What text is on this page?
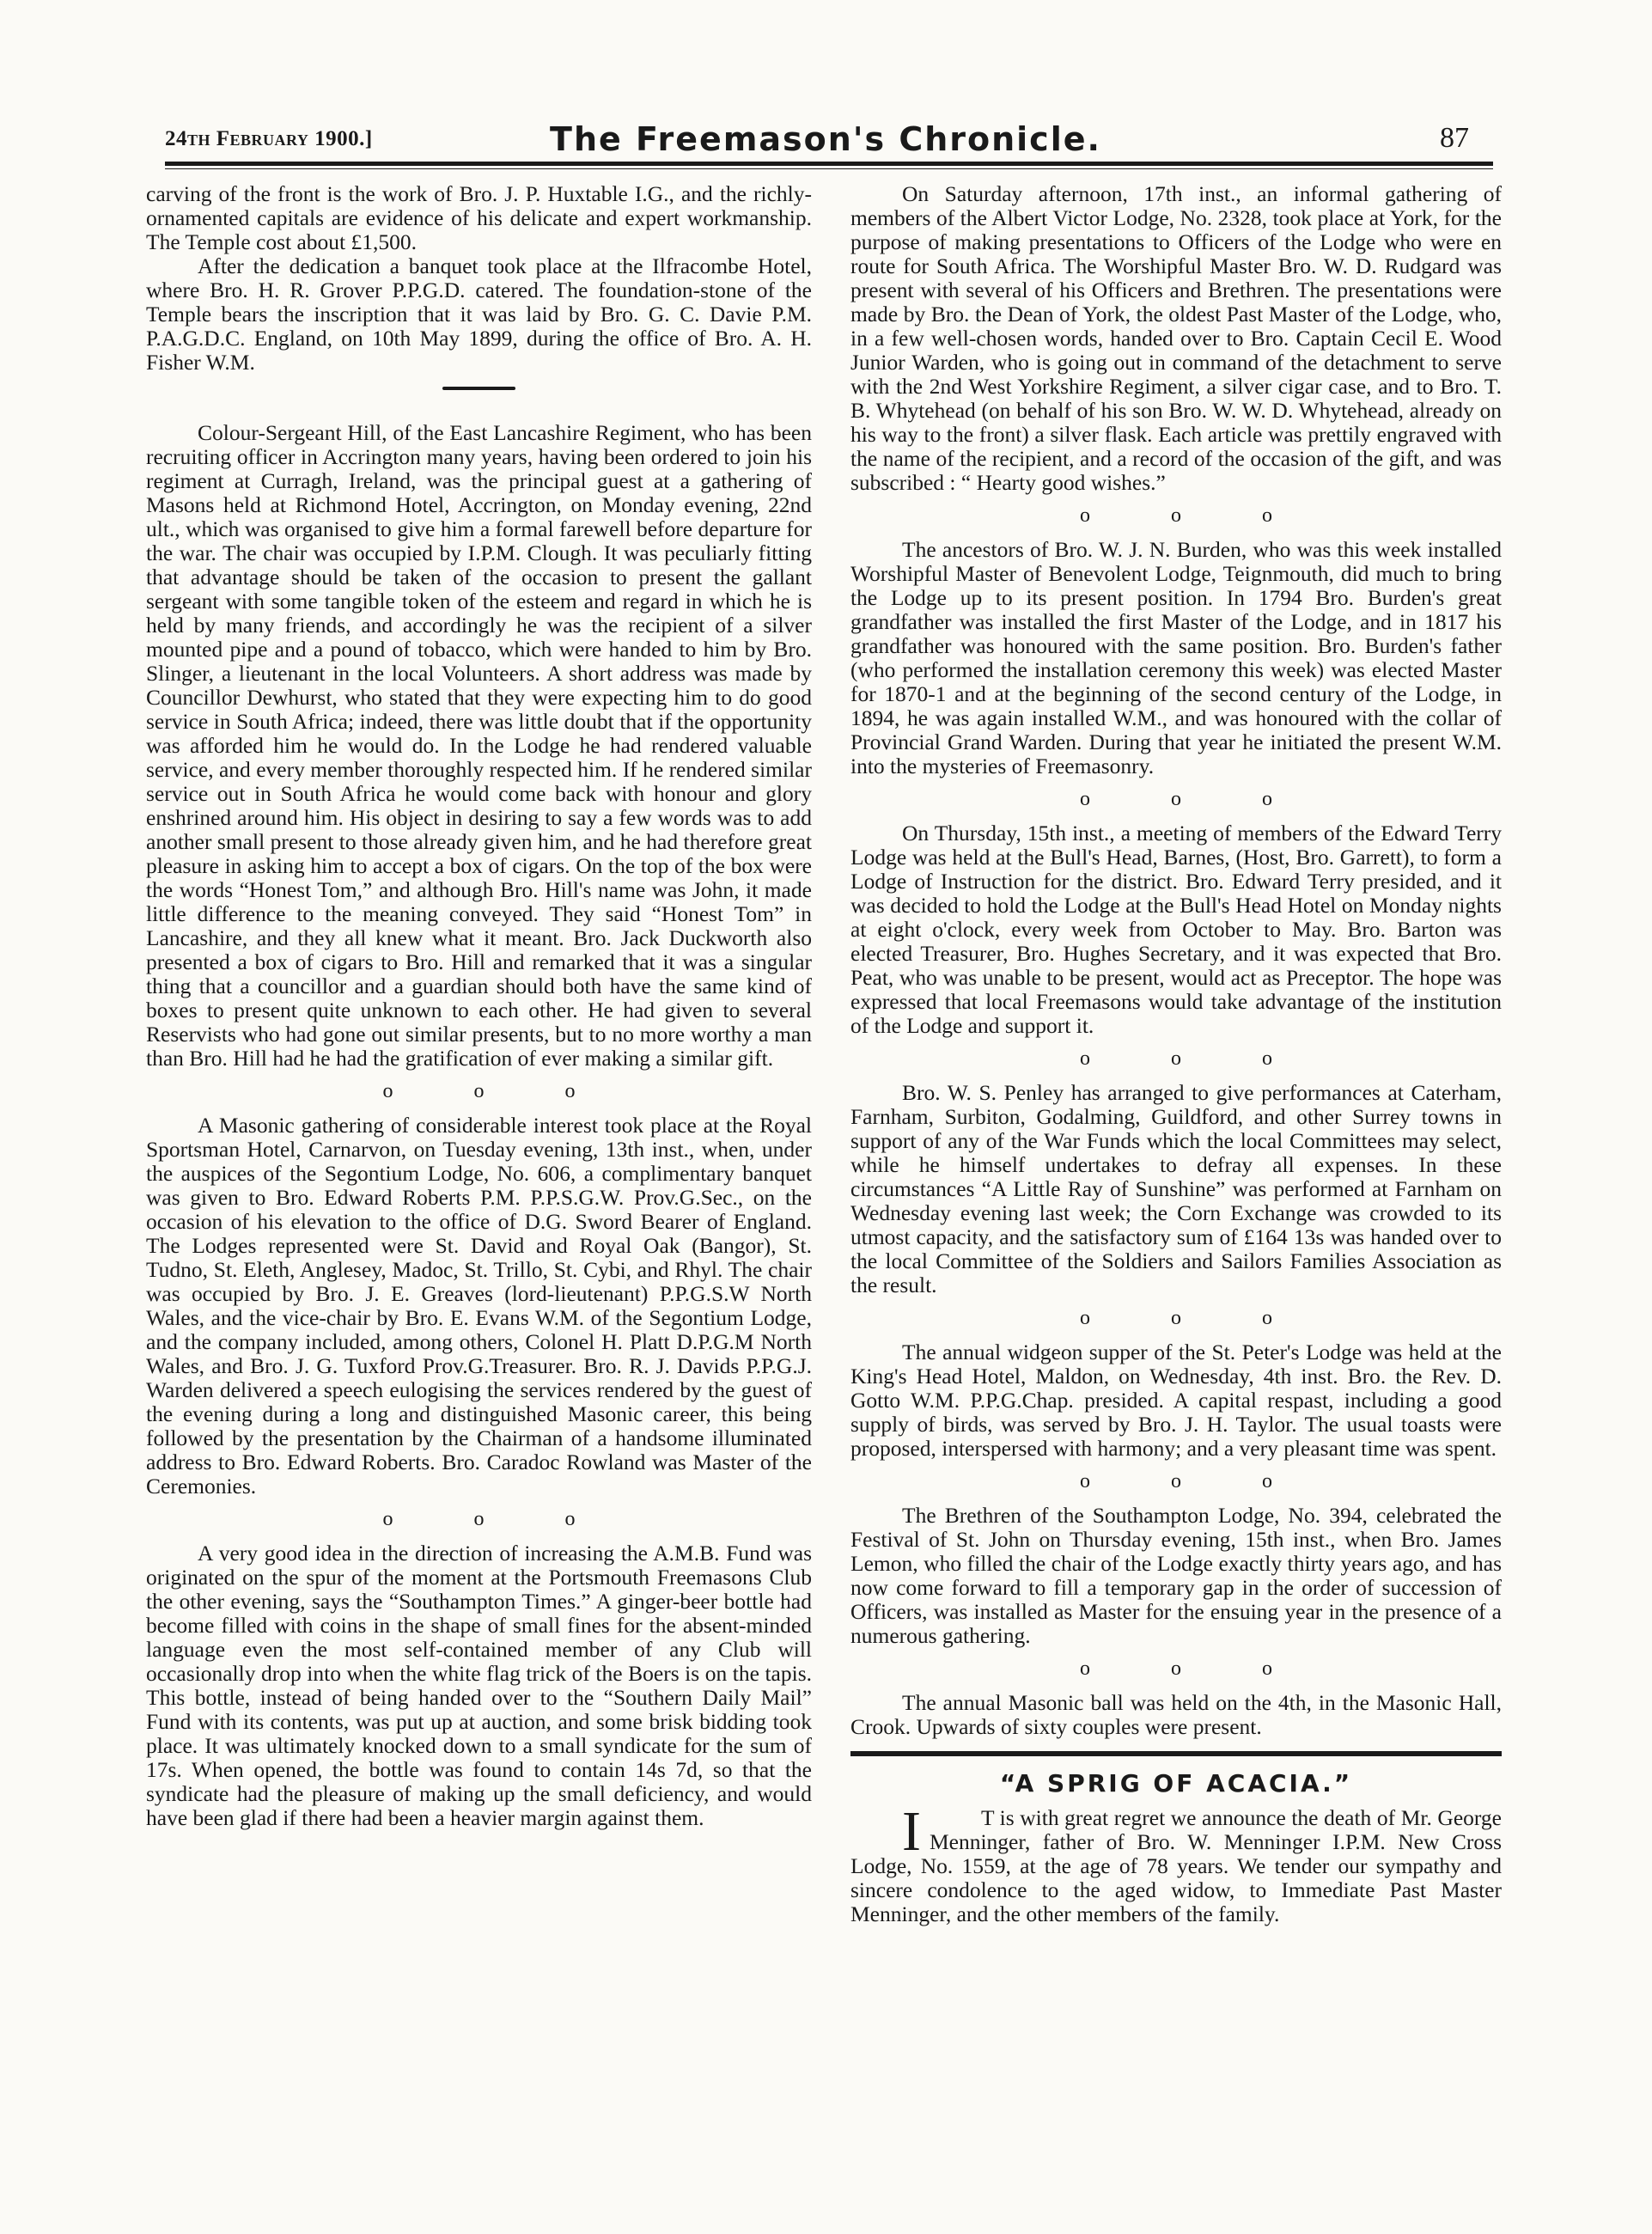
24th February 1900.]	The Freemason's Chronicle.	87

carving of the front is the work of Bro. J. P. Huxtable I.G., and the richly-ornamented capitals are evidence of his delicate and expert workmanship. The Temple cost about £1,500.

After the dedication a banquet took place at the Ilfracombe Hotel, where Bro. H. R. Grover P.P.G.D. catered. The foundation-stone of the Temple bears the inscription that it was laid by Bro. G. C. Davie P.M. P.A.G.D.C. England, on 10th May 1899, during the office of Bro. A. H. Fisher W.M.

Colour-Sergeant Hill, of the East Lancashire Regiment, who has been recruiting officer in Accrington many years, having been ordered to join his regiment at Curragh, Ireland, was the principal guest at a gathering of Masons held at Richmond Hotel, Accrington, on Monday evening, 22nd ult., which was organised to give him a formal farewell before departure for the war. The chair was occupied by I.P.M. Clough. It was peculiarly fitting that advantage should be taken of the occasion to present the gallant sergeant with some tangible token of the esteem and regard in which he is held by many friends, and accordingly he was the recipient of a silver mounted pipe and a pound of tobacco, which were handed to him by Bro. Slinger, a lieutenant in the local Volunteers. A short address was made by Councillor Dewhurst, who stated that they were expecting him to do good service in South Africa; indeed, there was little doubt that if the opportunity was afforded him he would do. In the Lodge he had rendered valuable service, and every member thoroughly respected him. If he rendered similar service out in South Africa he would come back with honour and glory enshrined around him. His object in desiring to say a few words was to add another small present to those already given him, and he had therefore great pleasure in asking him to accept a box of cigars. On the top of the box were the words “Honest Tom,” and although Bro. Hill's name was John, it made little difference to the meaning conveyed. They said “Honest Tom” in Lancashire, and they all knew what it meant. Bro. Jack Duckworth also presented a box of cigars to Bro. Hill and remarked that it was a singular thing that a councillor and a guardian should both have the same kind of boxes to present quite unknown to each other. He had given to several Reservists who had gone out similar presents, but to no more worthy a man than Bro. Hill had he had the gratification of ever making a similar gift.

o o o

A Masonic gathering of considerable interest took place at the Royal Sportsman Hotel, Carnarvon, on Tuesday evening, 13th inst., when, under the auspices of the Segontium Lodge, No. 606, a complimentary banquet was given to Bro. Edward Roberts P.M. P.P.S.G.W. Prov.G.Sec., on the occasion of his elevation to the office of D.G. Sword Bearer of England. The Lodges represented were St. David and Royal Oak (Bangor), St. Tudno, St. Eleth, Anglesey, Madoc, St. Trillo, St. Cybi, and Rhyl. The chair was occupied by Bro. J. E. Greaves (lord-lieutenant) P.P.G.S.W North Wales, and the vice-chair by Bro. E. Evans W.M. of the Segontium Lodge, and the company included, among others, Colonel H. Platt D.P.G.M North Wales, and Bro. J. G. Tuxford Prov.G.Treasurer. Bro. R. J. Davids P.P.G.J. Warden delivered a speech eulogising the services rendered by the guest of the evening during a long and distinguished Masonic career, this being followed by the presentation by the Chairman of a handsome illuminated address to Bro. Edward Roberts. Bro. Caradoc Rowland was Master of the Ceremonies.

o o o

A very good idea in the direction of increasing the A.M.B. Fund was originated on the spur of the moment at the Portsmouth Freemasons Club the other evening, says the “Southampton Times.” A ginger-beer bottle had become filled with coins in the shape of small fines for the absent-minded language even the most self-contained member of any Club will occasionally drop into when the white flag trick of the Boers is on the tapis. This bottle, instead of being handed over to the “Southern Daily Mail” Fund with its contents, was put up at auction, and some brisk bidding took place. It was ultimately knocked down to a small syndicate for the sum of 17s. When opened, the bottle was found to contain 14s 7d, so that the syndicate had the pleasure of making up the small deficiency, and would have been glad if there had been a heavier margin against them.

On Saturday afternoon, 17th inst., an informal gathering of members of the Albert Victor Lodge, No. 2328, took place at York, for the purpose of making presentations to Officers of the Lodge who were en route for South Africa. The Worshipful Master Bro. W. D. Rudgard was present with several of his Officers and Brethren. The presentations were made by Bro. the Dean of York, the oldest Past Master of the Lodge, who, in a few well-chosen words, handed over to Bro. Captain Cecil E. Wood Junior Warden, who is going out in command of the detachment to serve with the 2nd West Yorkshire Regiment, a silver cigar case, and to Bro. T. B. Whytehead (on behalf of his son Bro. W. W. D. Whytehead, already on his way to the front) a silver flask. Each article was prettily engraved with the name of the recipient, and a record of the occasion of the gift, and was subscribed : “ Hearty good wishes.”

o o o

The ancestors of Bro. W. J. N. Burden, who was this week installed Worshipful Master of Benevolent Lodge, Teignmouth, did much to bring the Lodge up to its present position. In 1794 Bro. Burden's great grandfather was installed the first Master of the Lodge, and in 1817 his grandfather was honoured with the same position. Bro. Burden's father (who performed the installation ceremony this week) was elected Master for 1870-1 and at the beginning of the second century of the Lodge, in 1894, he was again installed W.M., and was honoured with the collar of Provincial Grand Warden. During that year he initiated the present W.M. into the mysteries of Freemasonry.

o o o

On Thursday, 15th inst., a meeting of members of the Edward Terry Lodge was held at the Bull's Head, Barnes, (Host, Bro. Garrett), to form a Lodge of Instruction for the district. Bro. Edward Terry presided, and it was decided to hold the Lodge at the Bull's Head Hotel on Monday nights at eight o'clock, every week from October to May. Bro. Barton was elected Treasurer, Bro. Hughes Secretary, and it was expected that Bro. Peat, who was unable to be present, would act as Preceptor. The hope was expressed that local Freemasons would take advantage of the institution of the Lodge and support it.

o o o

Bro. W. S. Penley has arranged to give performances at Caterham, Farnham, Surbiton, Godalming, Guildford, and other Surrey towns in support of any of the War Funds which the local Committees may select, while he himself undertakes to defray all expenses. In these circumstances “A Little Ray of Sunshine” was performed at Farnham on Wednesday evening last week; the Corn Exchange was crowded to its utmost capacity, and the satisfactory sum of £164 13s was handed over to the local Committee of the Soldiers and Sailors Families Association as the result.

o o o

The annual widgeon supper of the St. Peter's Lodge was held at the King's Head Hotel, Maldon, on Wednesday, 4th inst. Bro. the Rev. D. Gotto W.M. P.P.G.Chap. presided. A capital respast, including a good supply of birds, was served by Bro. J. H. Taylor. The usual toasts were proposed, interspersed with harmony; and a very pleasant time was spent.

o o o

The Brethren of the Southampton Lodge, No. 394, celebrated the Festival of St. John on Thursday evening, 15th inst., when Bro. James Lemon, who filled the chair of the Lodge exactly thirty years ago, and has now come forward to fill a temporary gap in the order of succession of Officers, was installed as Master for the ensuing year in the presence of a numerous gathering.

o o o

The annual Masonic ball was held on the 4th, in the Masonic Hall, Crook. Upwards of sixty couples were present.

“A SPRIG OF ACACIA.”

I	T is with great regret we announce the death of Mr. George Menninger, father of Bro. W. Menninger I.P.M. New Cross Lodge, No. 1559, at the age of 78 years. We tender our sympathy and sincere condolence to the aged widow, to Immediate Past Master Menninger, and the other members of the family.
